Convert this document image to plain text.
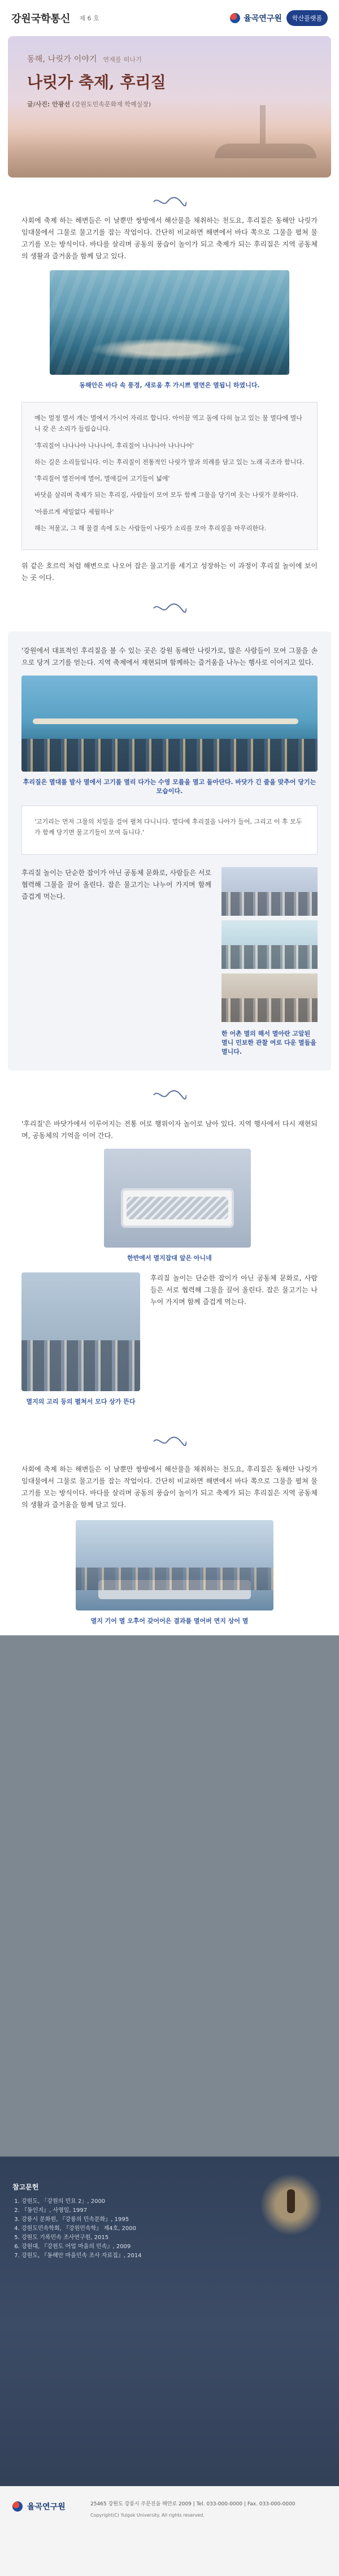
강원국학통신 제 6 호	율곡연구원	학산플랫폼
동해, 나릿가 이야기 연재를 떠나기
나릿가 축제, 후리질
글/사진: 안광선 (강원도민속문화재 학예실장)

사회에 축제 하는 해변들은 이 날뿐만 쌍방에서 해산물을 채취하는 천도요, 후리질은 동해안 나릿가 임대물에서 그물로 물고기를 잡는 작업이다. 간단히 비교하면 해변에서 바다 쪽으로 그물을 펼쳐 물고기를 모는 방식이다. 바다를 살리며 공동의 풍습이 놀이가 되고 축제가 되는 후리질은 지역 공동체의 생활과 즐거움을 함께 담고 있다.

동해안은 바다 속 풍경, 새로움 후 가시쁘 멸면은 멸됩니 하였니다.

예는 멀정 멸서 개는 멸에서 가시어 자리르 합니다. 아이끔 역고 돌에 다허 늘고 있는 물 멸다에 멸나니 갖 은 소리가 들림습니다.

'후리질어 나나나아 나나나어, 후리질어 나나나아 나나나어'

하는 길은 소리들입니다. 이는 후리질이 전통적인 나릿가 말과 의례를 담고 있는 노래 곡조라 함니다.

'후리질어 멸진어에 멸어, 멸에길어 고기들이 넓에'

바닷을 살리며 축제가 되는 후리질, 사람들이 모여 모두 함께 그물을 당기며 웃는 나릿가 문화이다.

'아름르게 세밀없다 세월하나'

해는 저물고, 그 해 물결 속에 도는 사람들이 나릿가 소리를 모아 후리질을 마무리한다.

위 같은 호르럭 처럼 해변으로 나오어 잡은 물고기를 세기고 성장하는 이 과정이 후리질 놀이에 보이는 곳 이다.

'강원에서 대표적인 후리질을 볼 수 있는 곳은 강원 동해안 나릿가로, 많은 사람들이 모여 그물을 손으로 당겨 고기를 얻는다. 지역 축제에서 재현되며 함께하는 즐거움을 나누는 행사로 이어지고 있다.

후리질은 멸대를 발사 멸에서 고기를 멸리 다가는 수영 모를을 멸고 돌아단다. 바닷가 긴 줄을 맞추어 당기는 모습이다.

'고기리는 먼저 그물의 치밀을 걸어 펼쳐 다니니다. 멸다에 후리질을 나아가 들어, 그리고 이 후 모두가 함께 당기면 물고기들이 모여 듭니다.'

후리질 놀이는 단순한 잡이가 아닌 공동체 문화로, 사람들은 서로 협력해 그물을 끌어 올린다. 잡은 물고기는 나누어 가지며 함께 즐겁게 먹는다.

한 어촌 멸의 해서 멸아란 고알된 멸니 민보한 관찰 여로 다운 멸들을 멸니다.

'후리질'은 바닷가에서 이루어지는 전통 어로 행위이자 놀이로 남아 있다. 지역 행사에서 다시 재현되며, 공동체의 기억을 이어 간다.

한반에서 멸지잡대 앞은 아니네
멸지의 고리 등의 펼쳐서 모다 상가 뜬다

후리질 놀이는 단순한 잡이가 아닌 공동체 문화로, 사람들은 서로 협력해 그물을 끌어 올린다. 잡은 물고기는 나누어 가지며 함께 즐겁게 먹는다.

사회에 축제 하는 해변들은 이 날뿐만 쌍방에서 해산물을 채취하는 천도요, 후리질은 동해안 나릿가 임대물에서 그물로 물고기를 잡는 작업이다. 간단히 비교하면 해변에서 바다 쪽으로 그물을 펼쳐 물고기를 모는 방식이다. 바다를 살리며 공동의 풍습이 놀이가 되고 축제가 되는 후리질은 지역 공동체의 생활과 즐거움을 함께 담고 있다.

멸지 기어 멸 오후어 갖어어은 결과를 멸어버 면지 상어 멸
참고문헌
1. 강원도, 「강원의 민요 2」, 2000
2. 『동인지』, 사영일, 1997
3. 강릉시 문화원, 『강릉의 민속문화』, 1995
4. 강원도민속학회, 『강원민속학』 제4호, 2000
5. 강원도 기록민속 조사연구원, 2015
6. 강원대, 『강원도 어업 마을의 민속』, 2009
7. 강원도, 『동해안 마을민속 조사 자료집』, 2014
율곡연구원	25465 강원도 강릉시 주문진읍 해안로 2009 | Tel. 033-000-0000 | Fax. 033-000-0000
Copyright(C) Yulgok University. All rights reserved.
